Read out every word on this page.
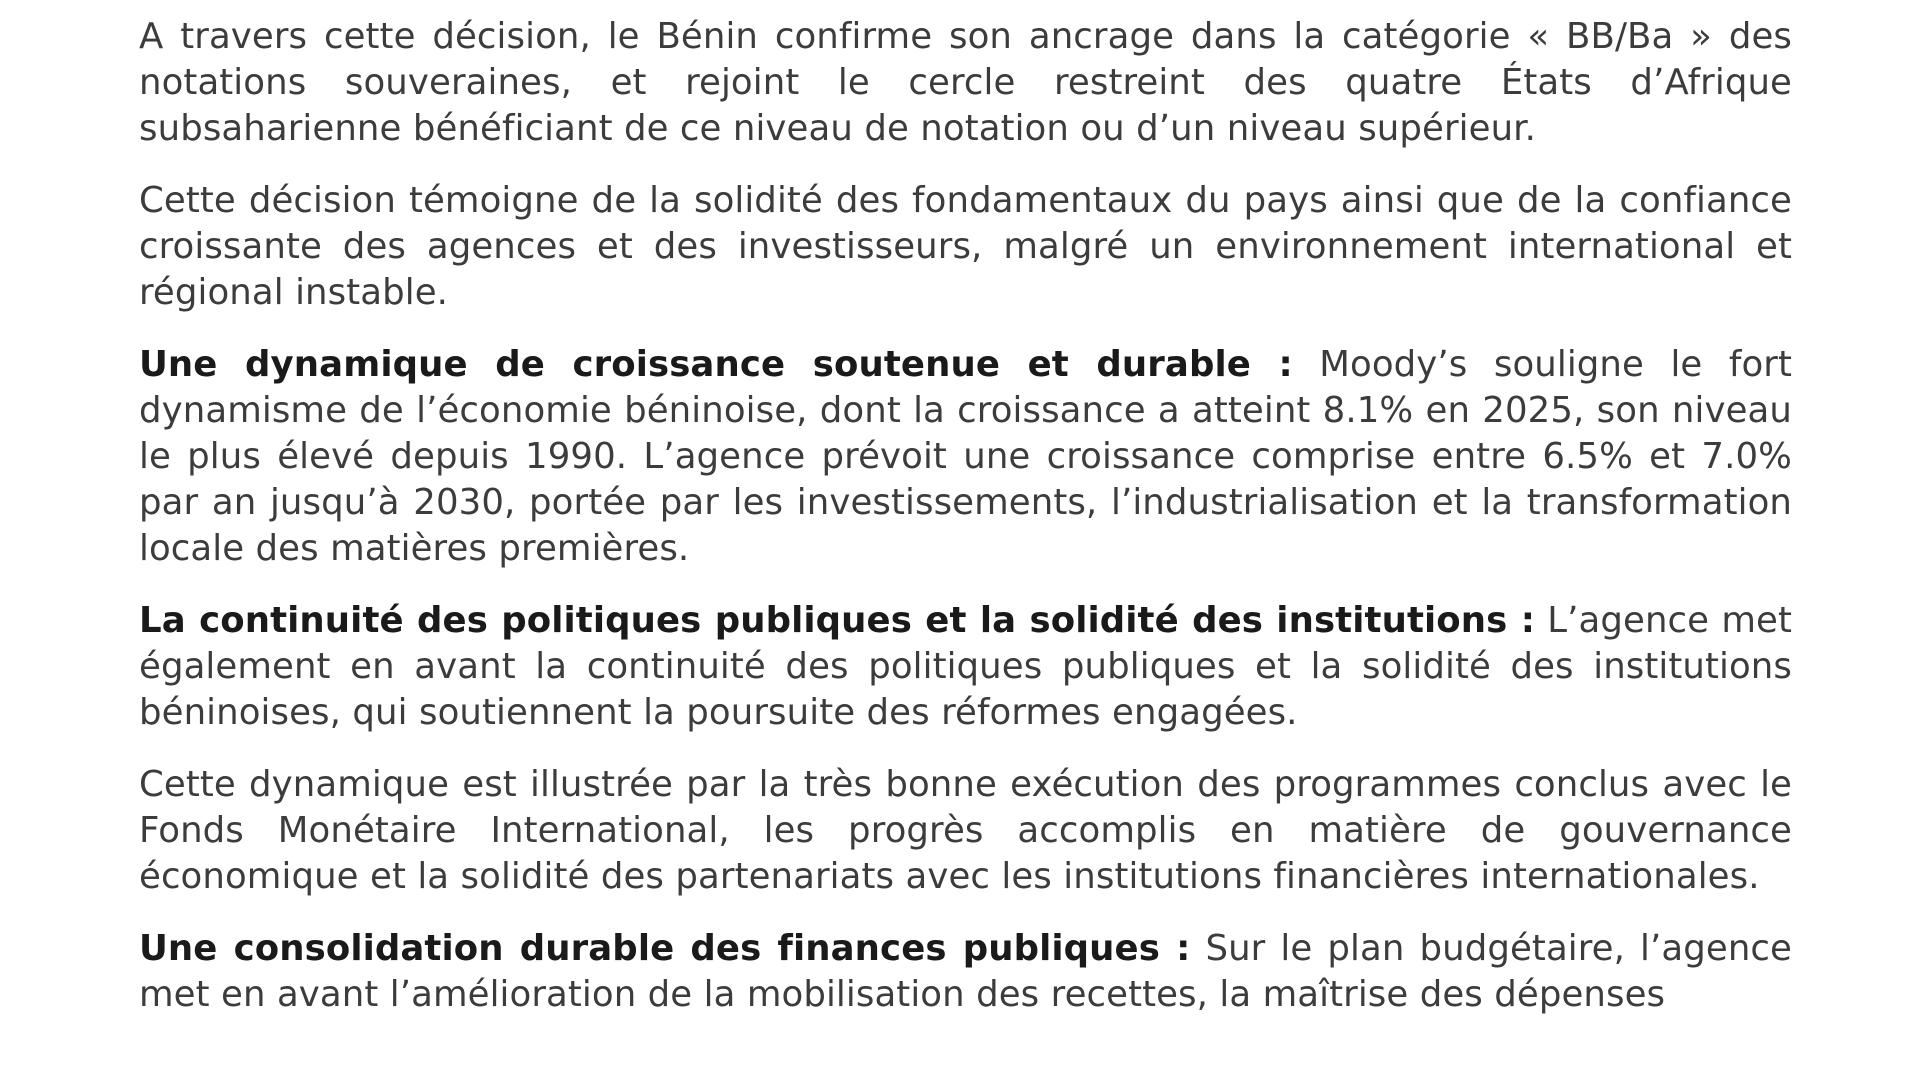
A travers cette décision, le Bénin confirme son ancrage dans la catégorie « BB/Ba » des notations souveraines, et rejoint le cercle restreint des quatre États d’Afrique subsaharienne bénéficiant de ce niveau de notation ou d’un niveau supérieur.

Cette décision témoigne de la solidité des fondamentaux du pays ainsi que de la confiance croissante des agences et des investisseurs, malgré un environnement international et régional instable.

Une dynamique de croissance soutenue et durable : Moody’s souligne le fort dynamisme de l’économie béninoise, dont la croissance a atteint 8.1% en 2025, son niveau le plus élevé depuis 1990. L’agence prévoit une croissance comprise entre 6.5% et 7.0% par an jusqu’à 2030, portée par les investissements, l’industrialisation et la transformation locale des matières premières.

La continuité des politiques publiques et la solidité des institutions : L’agence met également en avant la continuité des politiques publiques et la solidité des institutions béninoises, qui soutiennent la poursuite des réformes engagées.

Cette dynamique est illustrée par la très bonne exécution des programmes conclus avec le Fonds Monétaire International, les progrès accomplis en matière de gouvernance économique et la solidité des partenariats avec les institutions financières internationales.

Une consolidation durable des finances publiques : Sur le plan budgétaire, l’agence met en avant l’amélioration de la mobilisation des recettes, la maîtrise des dépenses
